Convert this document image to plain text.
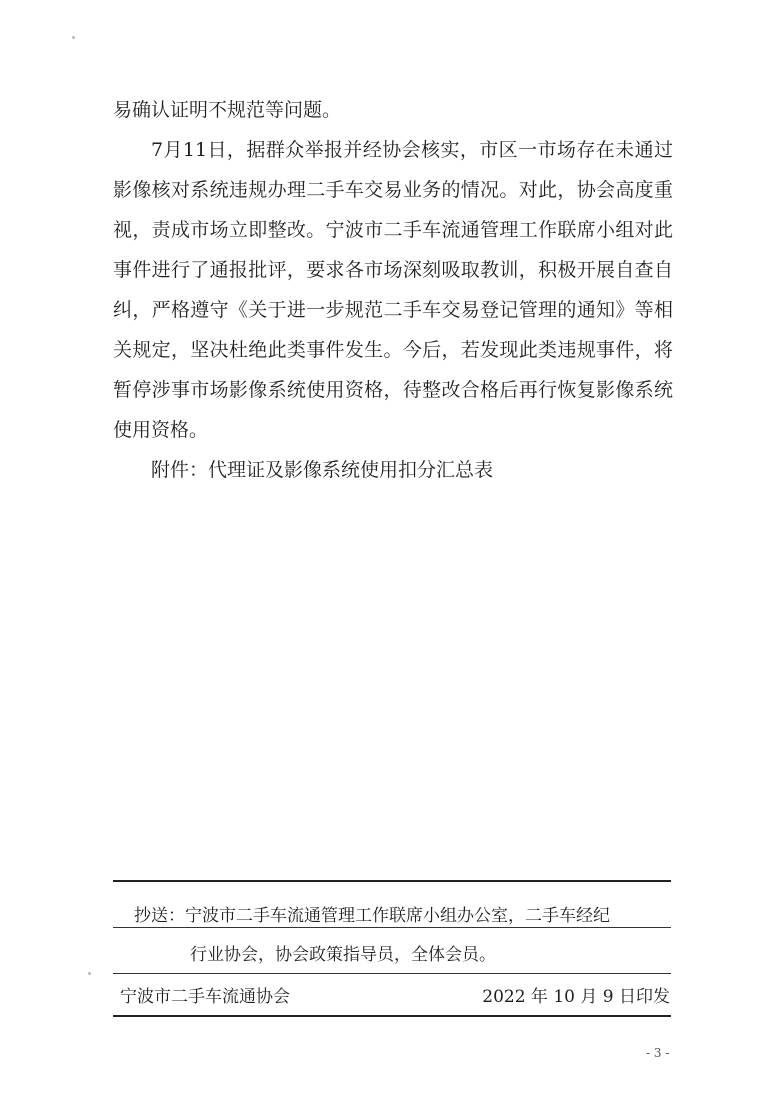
易确认证明不规范等问题。

7月11日，据群众举报并经协会核实，市区一市场存在未通过影像核对系统违规办理二手车交易业务的情况。对此，协会高度重视，责成市场立即整改。宁波市二手车流通管理工作联席小组对此事件进行了通报批评，要求各市场深刻吸取教训，积极开展自查自纠，严格遵守《关于进一步规范二手车交易登记管理的通知》等相关规定，坚决杜绝此类事件发生。今后，若发现此类违规事件，将暂停涉事市场影像系统使用资格，待整改合格后再行恢复影像系统使用资格。

附件：代理证及影像系统使用扣分汇总表

抄送：宁波市二手车流通管理工作联席小组办公室，二手车经纪
行业协会，协会政策指导员，全体会员。
宁波市二手车流通协会	2022 年 10 月 9 日印发
- 3 -
